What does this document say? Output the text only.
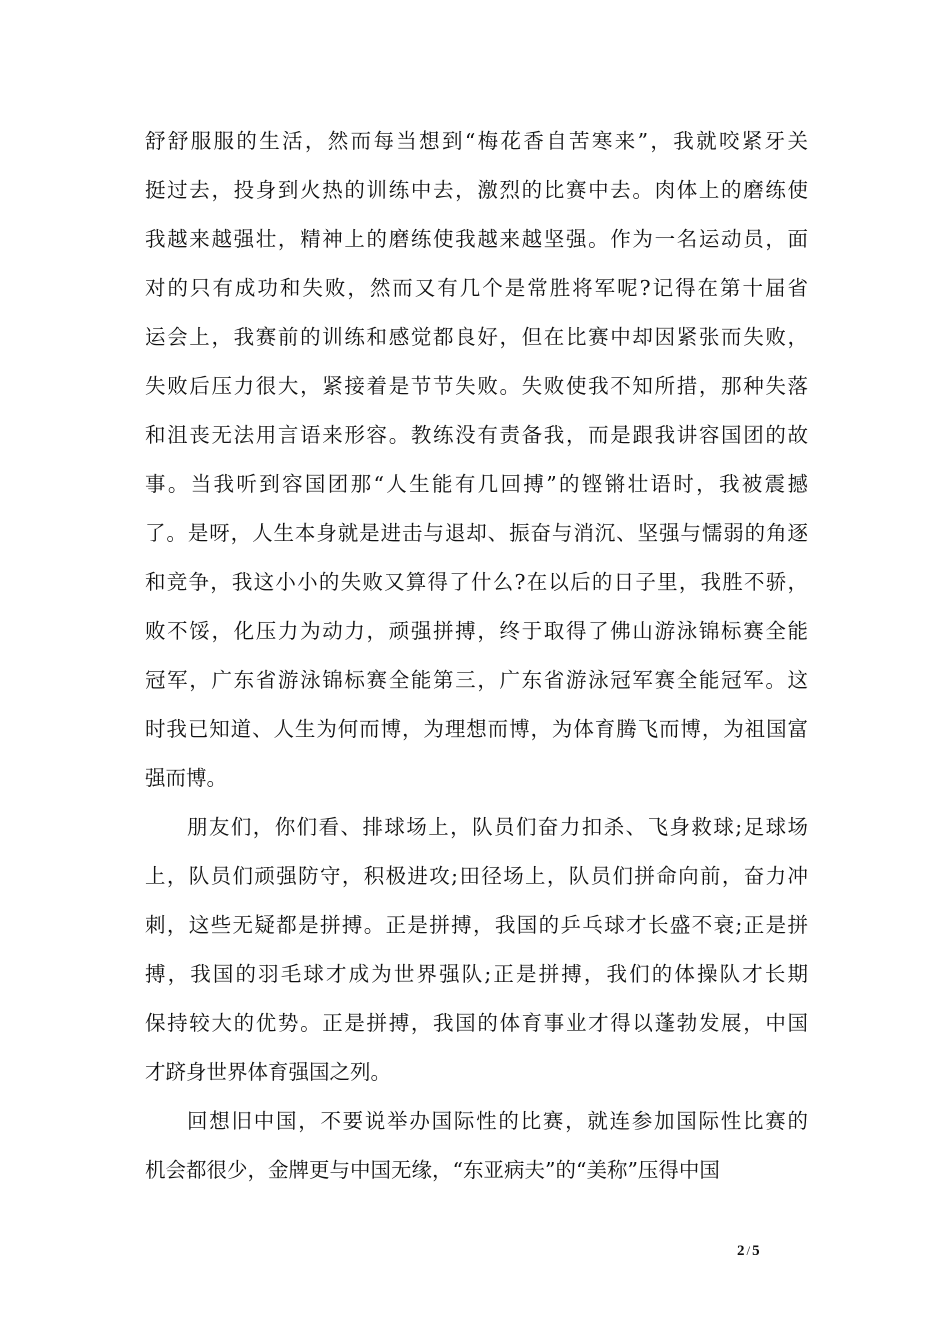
舒舒服服的生活，然而每当想到“梅花香自苦寒来”，我就咬紧牙关
挺过去，投身到火热的训练中去，激烈的比赛中去。肉体上的磨练使
我越来越强壮，精神上的磨练使我越来越坚强。作为一名运动员，面
对的只有成功和失败，然而又有几个是常胜将军呢?记得在第十届省
运会上，我赛前的训练和感觉都良好，但在比赛中却因紧张而失败，
失败后压力很大，紧接着是节节失败。失败使我不知所措，那种失落
和沮丧无法用言语来形容。教练没有责备我，而是跟我讲容国团的故
事。当我听到容国团那“人生能有几回搏”的铿锵壮语时，我被震撼
了。是呀，人生本身就是进击与退却、振奋与消沉、坚强与懦弱的角逐
和竞争，我这小小的失败又算得了什么?在以后的日子里，我胜不骄，
败不馁，化压力为动力，顽强拼搏，终于取得了佛山游泳锦标赛全能
冠军，广东省游泳锦标赛全能第三，广东省游泳冠军赛全能冠军。这
时我已知道、人生为何而博，为理想而博，为体育腾飞而博，为祖国富
强而博。
朋友们，你们看、排球场上，队员们奋力扣杀、飞身救球;足球场
上，队员们顽强防守，积极进攻;田径场上，队员们拼命向前，奋力冲
刺，这些无疑都是拼搏。正是拼搏，我国的乒乓球才长盛不衰;正是拼
搏，我国的羽毛球才成为世界强队;正是拼搏，我们的体操队才长期
保持较大的优势。正是拼搏，我国的体育事业才得以蓬勃发展，中国
才跻身世界体育强国之列。
回想旧中国，不要说举办国际性的比赛，就连参加国际性比赛的
机会都很少，金牌更与中国无缘，“东亚病夫”的“美称”压得中国
2 / 5
